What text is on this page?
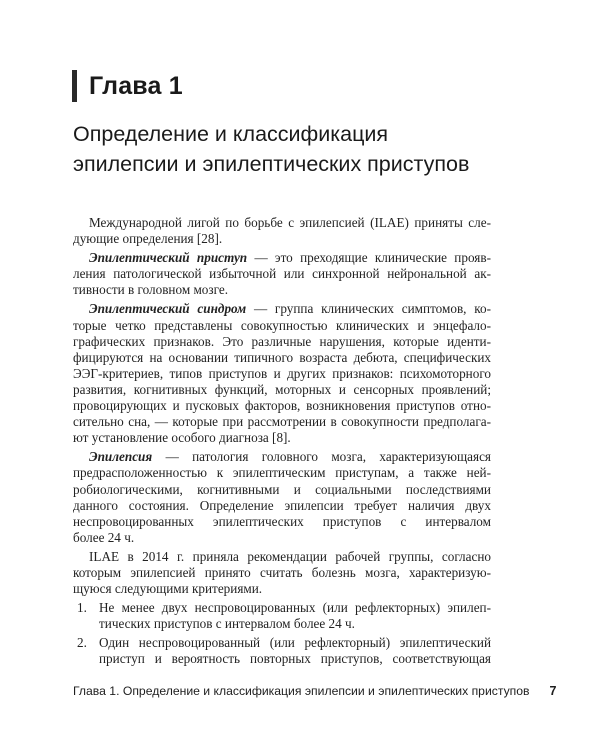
Глава 1
Определение и классификация
эпилепсии и эпилептических приступов
Международной лигой по борьбе с эпилепсией (ILAE) приняты сле-
дующие определения [28].
Эпилептический приступ — это преходящие клинические прояв-
ления патологической избыточной или синхронной нейрональной ак-
тивности в головном мозге.
Эпилептический синдром — группа клинических симптомов, ко-
торые четко представлены совокупностью клинических и энцефало-
графических признаков. Это различные нарушения, которые иденти-
фицируются на основании типичного возраста дебюта, специфических
ЭЭГ-критериев, типов приступов и других признаков: психомоторного
развития, когнитивных функций, моторных и сенсорных проявлений;
провоцирующих и пусковых факторов, возникновения приступов отно-
сительно сна, — которые при рассмотрении в совокупности предполага-
ют установление особого диагноза [8].
Эпилепсия — патология головного мозга, характеризующаяся
предрасположенностью к эпилептическим приступам, а также ней-
робиологическими, когнитивными и социальными последствиями
данного состояния. Определение эпилепсии требует наличия двух
неспровоцированных эпилептических приступов с интервалом
более 24 ч.
ILAE в 2014 г. приняла рекомендации рабочей группы, согласно
которым эпилепсией принято считать болезнь мозга, характеризую-
щуюся следующими критериями.
1. Не менее двух неспровоцированных (или рефлекторных) эпилеп-
тических приступов с интервалом более 24 ч.
2. Один неспровоцированный (или рефлекторный) эпилептический
приступ и вероятность повторных приступов, соответствующая
Глава 1. Определение и классификация эпилепсии и эпилептических приступов 7
